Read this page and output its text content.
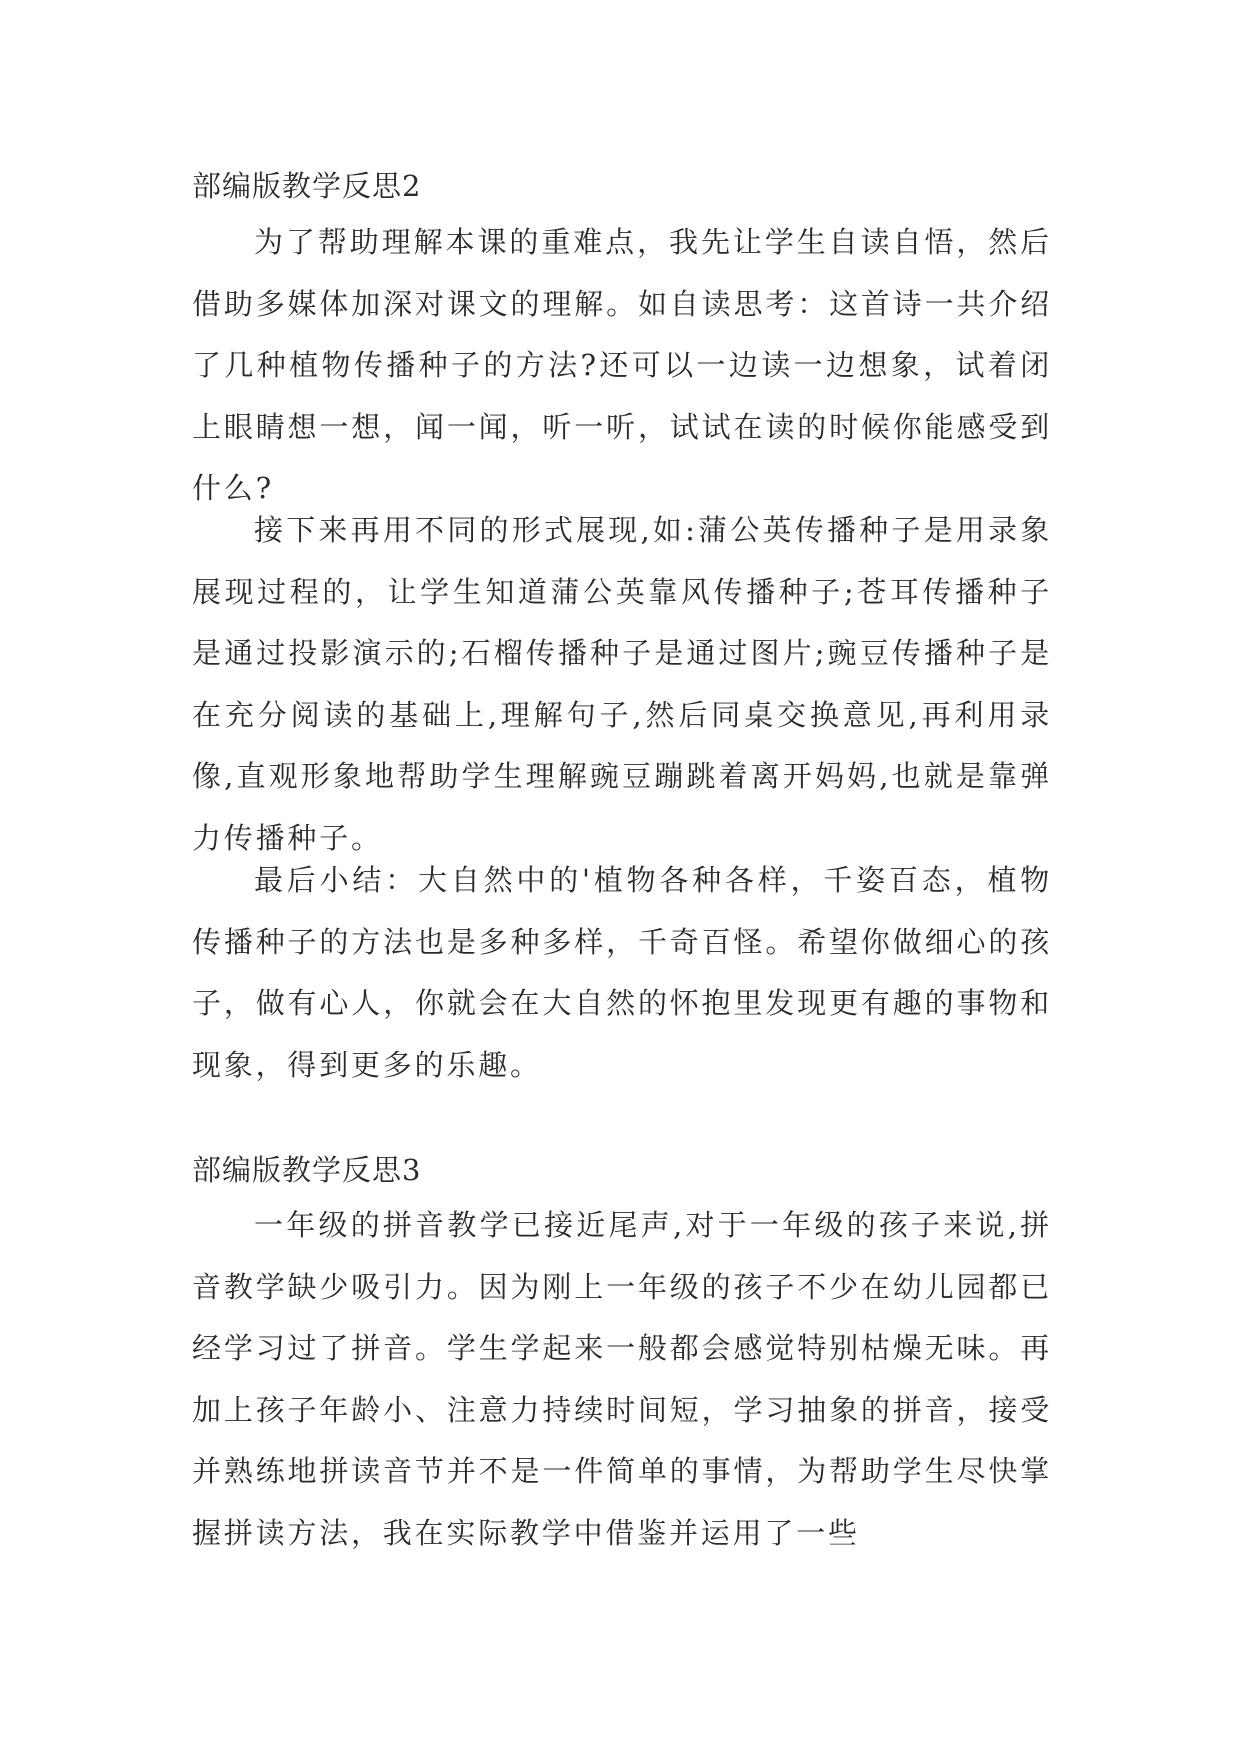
部编版教学反思2

为了帮助理解本课的重难点，我先让学生自读自悟，然后借助多媒体加深对课文的理解。如自读思考：这首诗一共介绍了几种植物传播种子的方法?还可以一边读一边想象，试着闭上眼睛想一想，闻一闻，听一听，试试在读的时候你能感受到什么?

接下来再用不同的形式展现,如:蒲公英传播种子是用录象展现过程的，让学生知道蒲公英靠风传播种子;苍耳传播种子是通过投影演示的;石榴传播种子是通过图片;豌豆传播种子是在充分阅读的基础上,理解句子,然后同桌交换意见,再利用录像,直观形象地帮助学生理解豌豆蹦跳着离开妈妈,也就是靠弹力传播种子。

最后小结：大自然中的'植物各种各样，千姿百态，植物传播种子的方法也是多种多样，千奇百怪。希望你做细心的孩子，做有心人，你就会在大自然的怀抱里发现更有趣的事物和现象，得到更多的乐趣。

部编版教学反思3

一年级的拼音教学已接近尾声,对于一年级的孩子来说,拼音教学缺少吸引力。因为刚上一年级的孩子不少在幼儿园都已经学习过了拼音。学生学起来一般都会感觉特别枯燥无味。再加上孩子年龄小、注意力持续时间短，学习抽象的拼音，接受并熟练地拼读音节并不是一件简单的事情，为帮助学生尽快掌握拼读方法，我在实际教学中借鉴并运用了一些
